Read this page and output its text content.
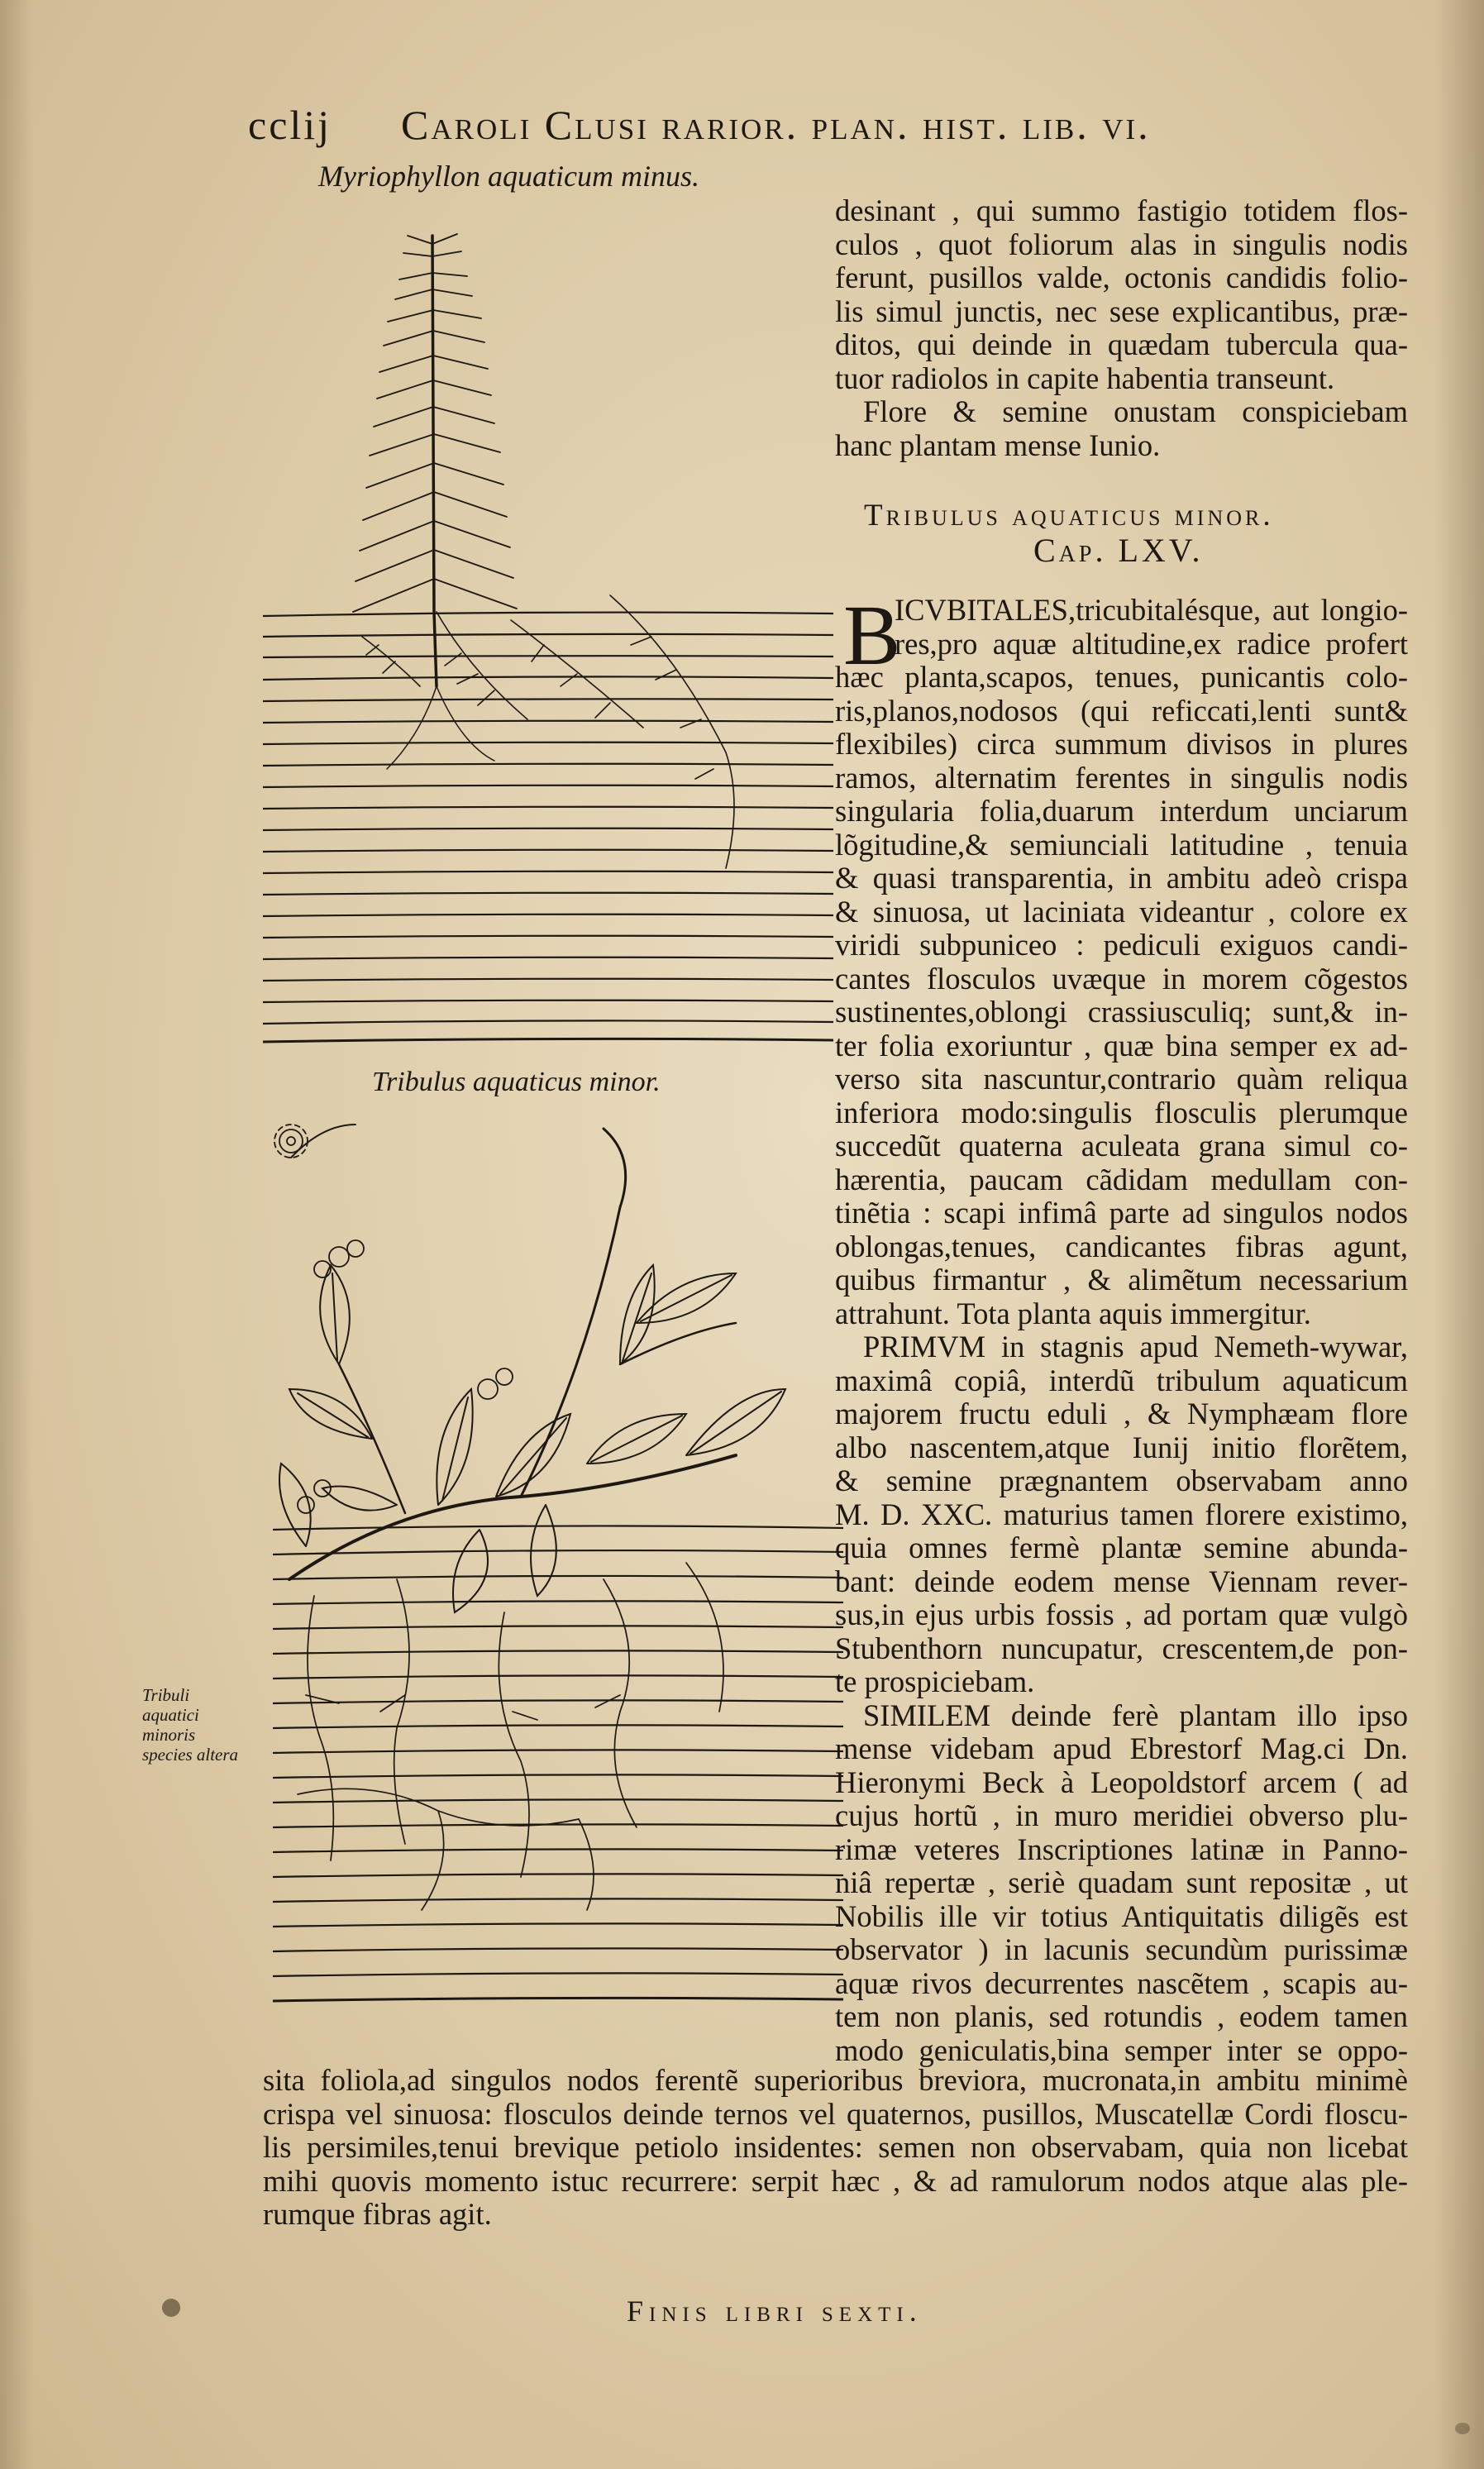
cclij Caroli Clusi rarior. plan. hist. lib. vi.
Myriophyllon aquaticum minus.
Tribulus aquaticus minor.
Tribuli aquatici minoris species altera
desinant , qui summo fastigio totidem flos-
culos , quot foliorum alas in singulis nodis
ferunt, pusillos valde, octonis candidis folio-
lis simul junctis, nec sese explicantibus, præ-
ditos, qui deinde in quædam tubercula qua-
tuor radiolos in capite habentia transeunt.
Flore & semine onustam conspiciebam
hanc plantam mense Iunio.
Tribulus aquaticus minor.
Cap. LXV.
B
ICVBITALES,tricubitalésque, aut longio-
res,pro aquæ altitudine,ex radice profert
hæc planta,scapos, tenues, punicantis colo-
ris,planos,nodosos (qui reficcati,lenti sunt&
flexibiles) circa summum divisos in plures
ramos, alternatim ferentes in singulis nodis
singularia folia,duarum interdum unciarum
lõgitudine,& semiunciali latitudine , tenuia
& quasi transparentia, in ambitu adeò crispa
& sinuosa, ut laciniata videantur , colore ex
viridi subpuniceo : pediculi exiguos candi-
cantes flosculos uvæque in morem cõgestos
sustinentes,oblongi crassiusculiq; sunt,& in-
ter folia exoriuntur , quæ bina semper ex ad-
verso sita nascuntur,contrario quàm reliqua
inferiora modo:singulis flosculis plerumque
succedũt quaterna aculeata grana simul co-
hærentia, paucam cãdidam medullam con-
tinẽtia : scapi infimâ parte ad singulos nodos
oblongas,tenues, candicantes fibras agunt,
quibus firmantur , & alimẽtum necessarium
attrahunt. Tota planta aquis immergitur.
PRIMVM in stagnis apud Nemeth-wywar,
maximâ copiâ, interdũ tribulum aquaticum
majorem fructu eduli , & Nymphæam flore
albo nascentem,atque Iunij initio florẽtem,
& semine prægnantem observabam anno
M. D. XXC. maturius tamen florere existimo,
quia omnes fermè plantæ semine abunda-
bant: deinde eodem mense Viennam rever-
sus,in ejus urbis fossis , ad portam quæ vulgò
Stubenthorn nuncupatur, crescentem,de pon-
te prospiciebam.
SIMILEM deinde ferè plantam illo ipso
mense videbam apud Ebrestorf Mag.ci Dn.
Hieronymi Beck à Leopoldstorf arcem ( ad
cujus hortũ , in muro meridiei obverso plu-
rimæ veteres Inscriptiones latinæ in Panno-
niâ repertæ , seriè quadam sunt repositæ , ut
Nobilis ille vir totius Antiquitatis diligẽs est
observator ) in lacunis secundùm purissimæ
aquæ rivos decurrentes nascẽtem , scapis au-
tem non planis, sed rotundis , eodem tamen
modo geniculatis,bina semper inter se oppo-
sita foliola,ad singulos nodos ferentẽ superioribus breviora, mucronata,in ambitu minimè
crispa vel sinuosa: flosculos deinde ternos vel quaternos, pusillos, Muscatellæ Cordi floscu-
lis persimiles,tenui brevique petiolo insidentes: semen non observabam, quia non licebat
mihi quovis momento istuc recurrere: serpit hæc , & ad ramulorum nodos atque alas ple-
rumque fibras agit.
Finis libri sexti.
